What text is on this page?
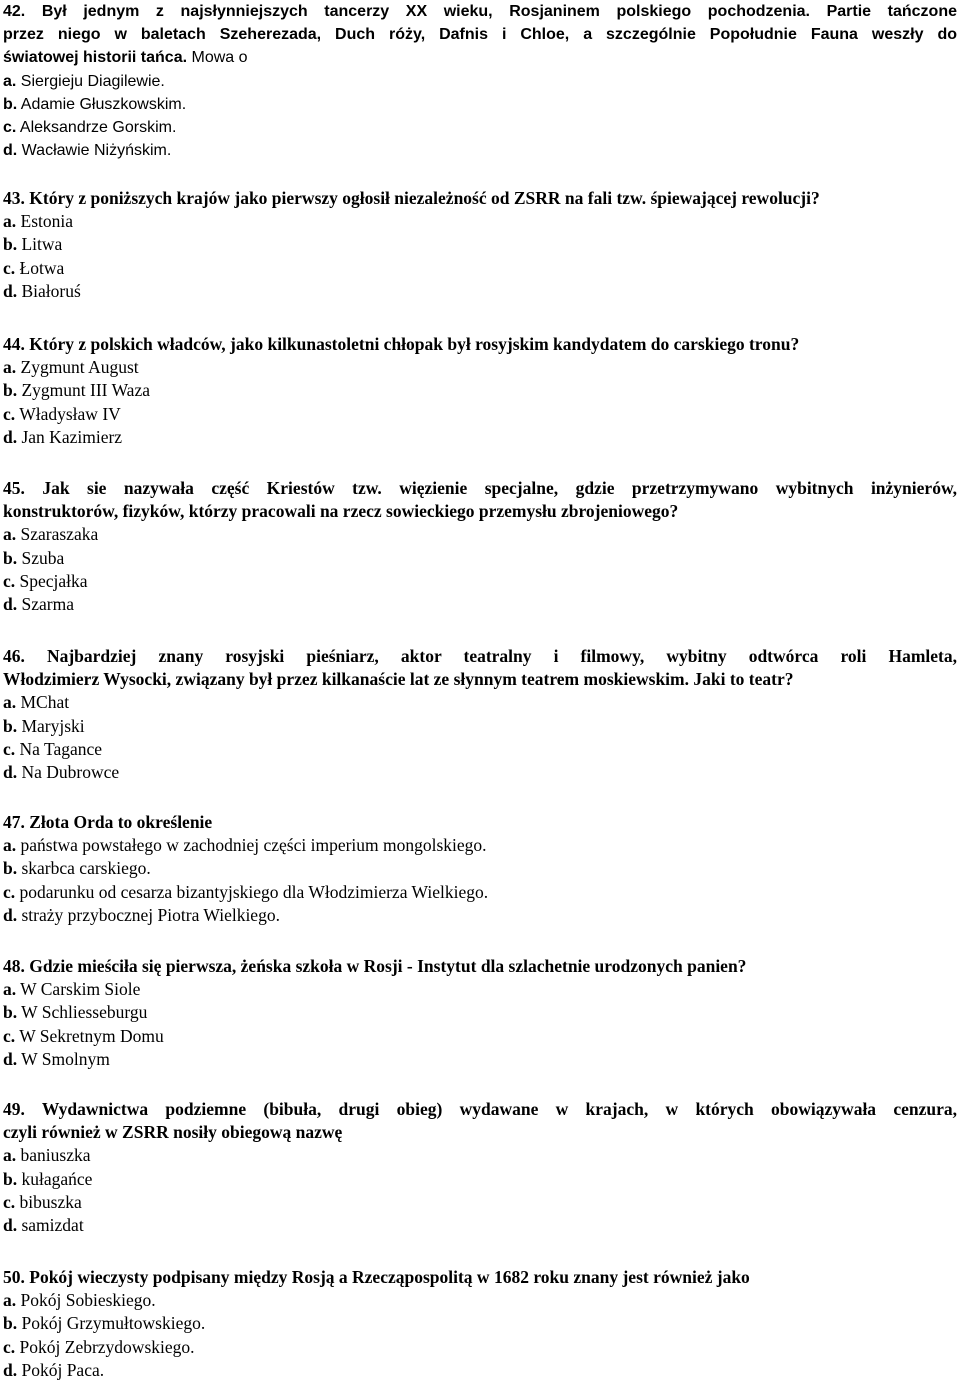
42. Był jednym z najsłynniejszych tancerzy XX wieku, Rosjaninem polskiego pochodzenia. Partie tańczone
przez niego w baletach Szeherezada, Duch róży, Dafnis i Chloe, a szczególnie Popołudnie Fauna weszły do
światowej historii tańca. Mowa o
a. Siergieju Diagilewie.
b. Adamie Głuszkowskim.
c. Aleksandrze Gorskim.
d. Wacławie Niżyńskim.
43. Który z poniższych krajów jako pierwszy ogłosił niezależność od ZSRR na fali tzw. śpiewającej rewolucji?
a. Estonia
b. Litwa
c. Łotwa
d. Białoruś
44. Który z polskich władców, jako kilkunastoletni chłopak był rosyjskim kandydatem do carskiego tronu?
a. Zygmunt August
b. Zygmunt III Waza
c. Władysław IV
d. Jan Kazimierz
45. Jak sie nazywała część Kriestów tzw. więzienie specjalne, gdzie przetrzymywano wybitnych inżynierów,
konstruktorów, fizyków, którzy pracowali na rzecz sowieckiego przemysłu zbrojeniowego?
a. Szaraszaka
b. Szuba
c. Specjałka
d. Szarma
46. Najbardziej znany rosyjski pieśniarz, aktor teatralny i filmowy, wybitny odtwórca roli Hamleta,
Włodzimierz Wysocki, związany był przez kilkanaście lat ze słynnym teatrem moskiewskim. Jaki to teatr?
a. MChat
b. Maryjski
c. Na Tagance
d. Na Dubrowce
47. Złota Orda to określenie
a. państwa powstałego w zachodniej części imperium mongolskiego.
b. skarbca carskiego.
c. podarunku od cesarza bizantyjskiego dla Włodzimierza Wielkiego.
d. straży przybocznej Piotra Wielkiego.
48. Gdzie mieściła się pierwsza, żeńska szkoła w Rosji - Instytut dla szlachetnie urodzonych panien?
a. W Carskim Siole
b. W Schliesseburgu
c. W Sekretnym Domu
d. W Smolnym
49. Wydawnictwa podziemne (bibuła, drugi obieg) wydawane w krajach, w których obowiązywała cenzura,
czyli również w ZSRR nosiły obiegową nazwę
a. baniuszka
b. kułagańce
c. bibuszka
d. samizdat
50. Pokój wieczysty podpisany między Rosją a Rzecząpospolitą w 1682 roku znany jest również jako
a. Pokój Sobieskiego.
b. Pokój Grzymułtowskiego.
c. Pokój Zebrzydowskiego.
d. Pokój Paca.
